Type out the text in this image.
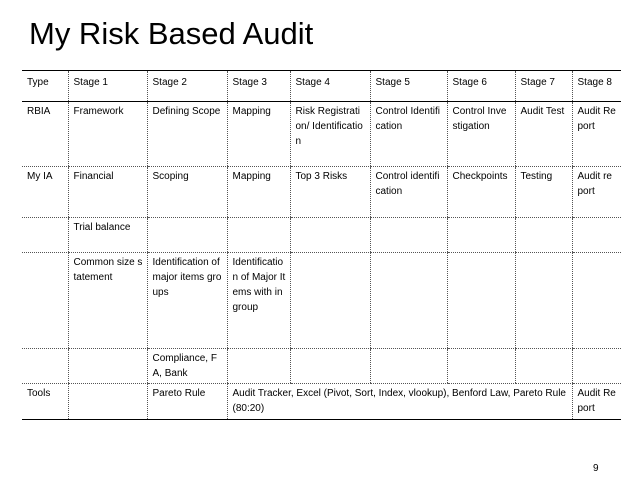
My Risk Based Audit
Type	Stage 1	Stage 2	Stage 3	Stage 4	Stage 5	Stage 6	Stage 7	Stage 8
RBIA	Framework	Defining Scope	Mapping	Risk Registration/ Identification	Control Identification	Control Investigation	Audit Test	Audit Report
My IA	Financial	Scoping	Mapping	Top 3 Risks	Control identification	Checkpoints	Testing	Audit report
	Trial balance							
	Common size statement	Identification of major items groups	Identification of Major Items with in group					
		Compliance, FA, Bank						
Tools		Pareto Rule	Audit Tracker, Excel (Pivot, Sort, Index, vlookup), Benford Law, Pareto Rule (80:20)					Audit Report
9
